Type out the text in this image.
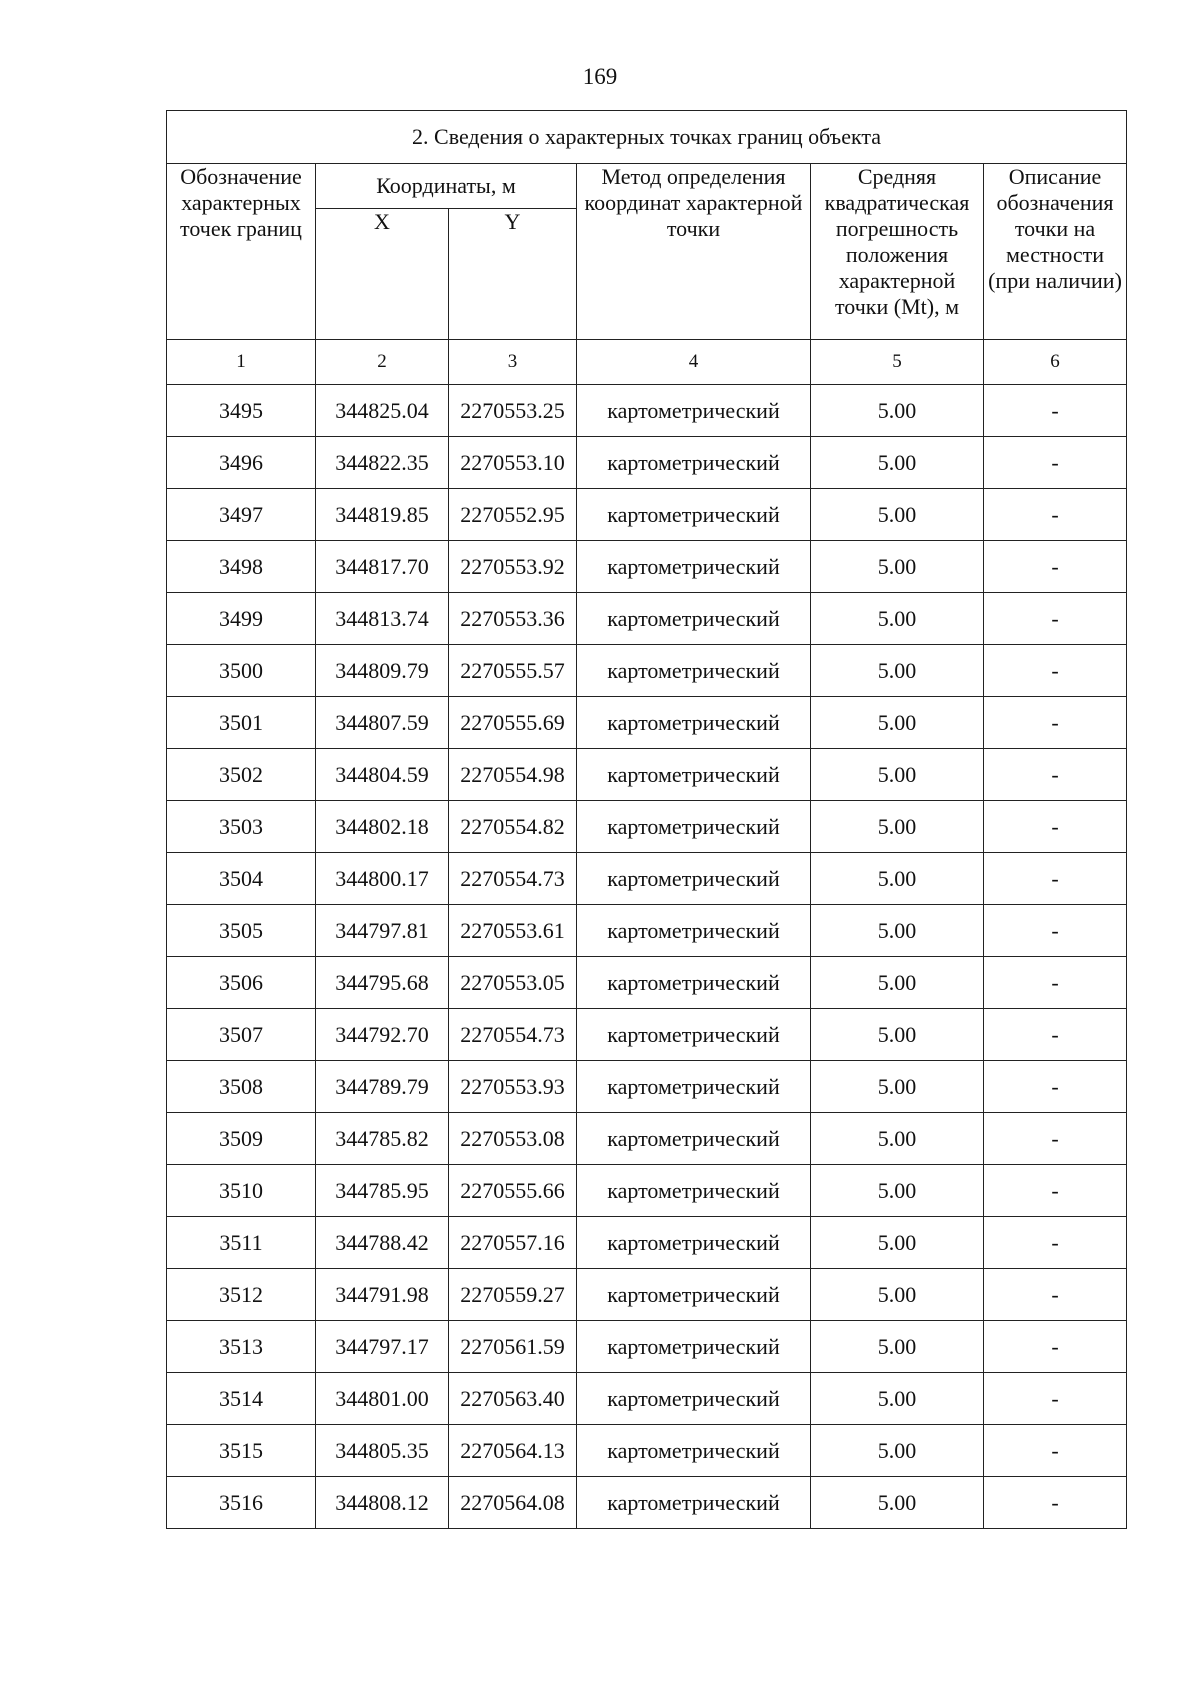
169
2. Сведения о характерных точках границ объекта					
Обозначение характерных точек границ	Координаты, м		Метод определения координат характерной точки	Средняя квадратическая погрешность положения характерной точки (Mt), м	Описание обозначения точки на местности (при наличии)
	X	Y			
1	2	3	4	5	6
3495	344825.04	2270553.25	картометрический	5.00	-
3496	344822.35	2270553.10	картометрический	5.00	-
3497	344819.85	2270552.95	картометрический	5.00	-
3498	344817.70	2270553.92	картометрический	5.00	-
3499	344813.74	2270553.36	картометрический	5.00	-
3500	344809.79	2270555.57	картометрический	5.00	-
3501	344807.59	2270555.69	картометрический	5.00	-
3502	344804.59	2270554.98	картометрический	5.00	-
3503	344802.18	2270554.82	картометрический	5.00	-
3504	344800.17	2270554.73	картометрический	5.00	-
3505	344797.81	2270553.61	картометрический	5.00	-
3506	344795.68	2270553.05	картометрический	5.00	-
3507	344792.70	2270554.73	картометрический	5.00	-
3508	344789.79	2270553.93	картометрический	5.00	-
3509	344785.82	2270553.08	картометрический	5.00	-
3510	344785.95	2270555.66	картометрический	5.00	-
3511	344788.42	2270557.16	картометрический	5.00	-
3512	344791.98	2270559.27	картометрический	5.00	-
3513	344797.17	2270561.59	картометрический	5.00	-
3514	344801.00	2270563.40	картометрический	5.00	-
3515	344805.35	2270564.13	картометрический	5.00	-
3516	344808.12	2270564.08	картометрический	5.00	-
